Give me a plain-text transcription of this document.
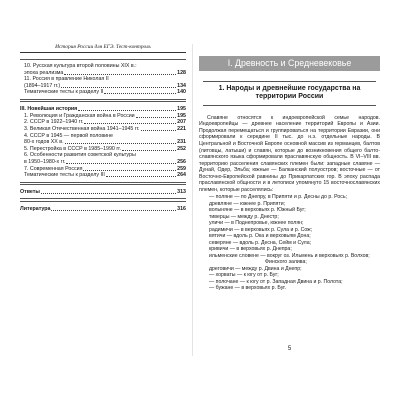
История России для ЕГЭ. Тест-контроль
10. Русская культура второй половины XIX в.:
эпоха реализма	128
11. Россия в правление Николая II
(1894–1917 гг.)	134
Тематические тесты к разделу II	140
III. Новейшая история	195
1. Революция и Гражданская война в России	195
2. СССР в 1922–1940 гг.	207
3. Великая Отечественная война 1941–1945 гг.	221
4. СССР в 1945 — первой половине
80-х годов XX в.	231
5. Перестройка в СССР в 1985–1990 гг.	252
6. Особенности развития советской культуры
в 1950–1980-х гг.	256
7. Современная Россия	259
Тематические тесты к разделу III	264
Ответы	313
Литература	316
I. Древность и Средневековье
1. Народы и древнейшие государства на территории России
Славяне относятся к индоевропейской семье народов. Индоевропейцы — древнее население территорий Европы и Азии. Продолжая перемещаться и группироваться на территории Евразии, они сформировали к середине II тыс. до н.э. отдельные народы. В Центральной и Восточной Европе основной массив из германцев, балтов (литовцы, латыши) и славян, которые до возникновения общего балто-славянского языка сформировали праславянскую общность. В VI–VIII вв. территорию расселения славянских племен были: западные славяне — Дунай, Одер, Эльба; южные — Балканский полуостров; восточные — от Восточно-Европейской равнины до Прикарпатских гор. В эпоху распада праславянской общности и в летописи упомянуто 15 восточнославянских племен, которые расселялись:
— поляне — по Днепру, в Припяти и р. Десны до р. Рось;
древляне — южнее р. Припяти;
волыняне — в верховьях р. Южный Буг;
тиверцы — между р. Днестр;
уличи — в Поднепровье, южнее полян;
радимичи — в верховьях р. Сула и р. Сож;
вятичи — вдоль р. Ока и верховьям Дона;
северяне — вдоль р. Десна, Сейм и Сула;
кривичи — в верховьях р. Днепра;
ильменские словене — вокруг оз. Ильмень и верховьях р. Волхов;
Финского залива;
дреговичи — между р. Двина и Днепр;
— хорваты — к югу от р. Буг;
— полочане — к югу от р. Западная Двина и р. Полота;
— бужане — в верховьях р. Буг.
5
